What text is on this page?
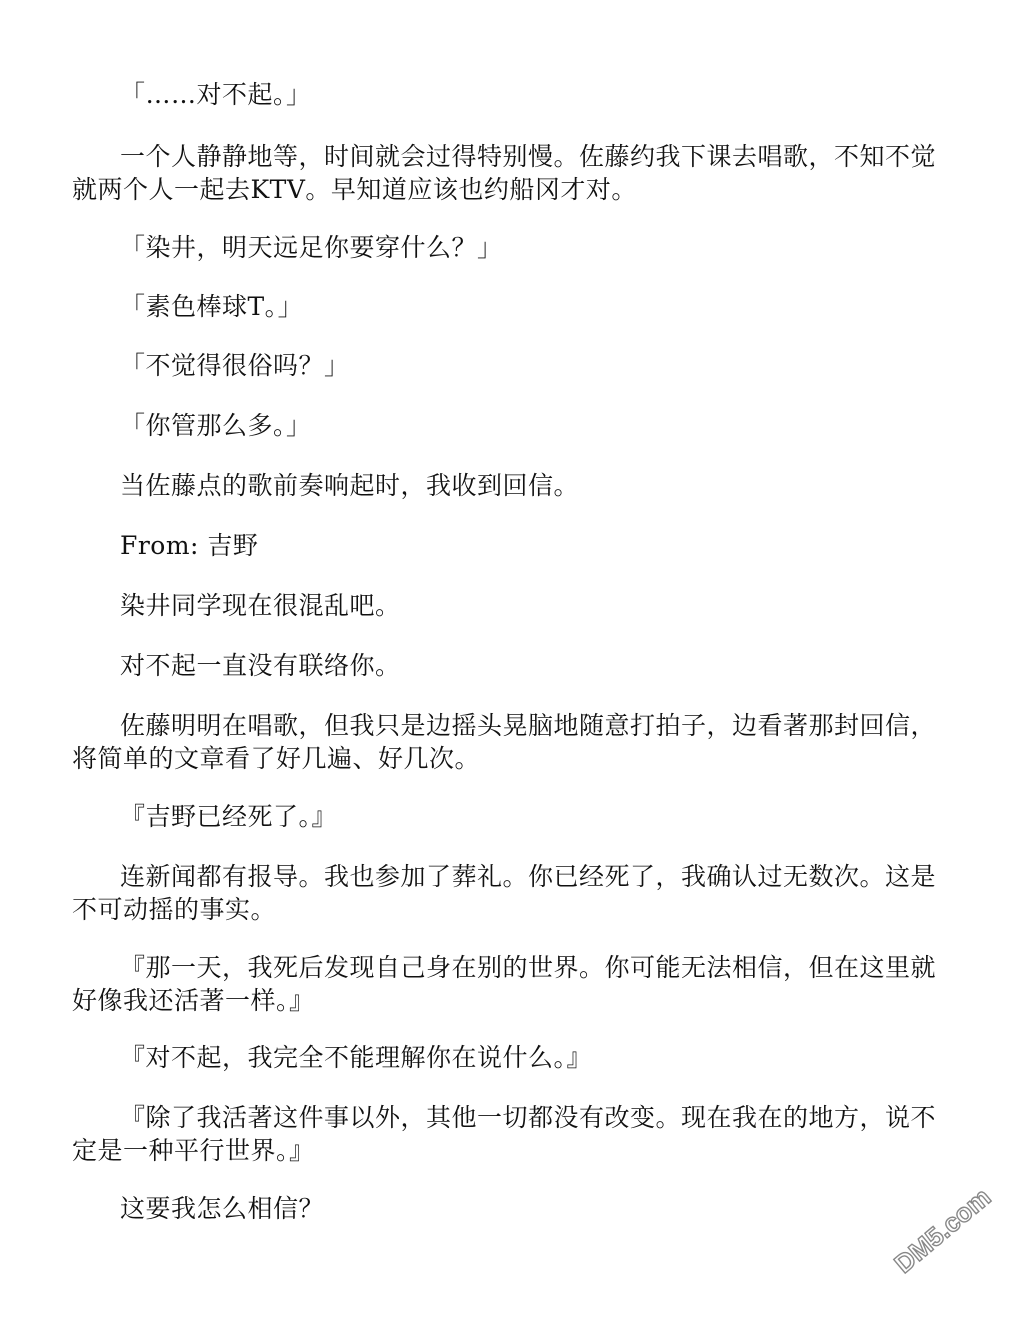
「……对不起。」

一个人静静地等，时间就会过得特别慢。佐藤约我下课去唱歌，不知不觉就两个人一起去KTV。早知道应该也约船冈才对。

「染井，明天远足你要穿什么？」

「素色棒球T。」

「不觉得很俗吗？」

「你管那么多。」

当佐藤点的歌前奏响起时，我收到回信。

From: 吉野

染井同学现在很混乱吧。

对不起一直没有联络你。

佐藤明明在唱歌，但我只是边摇头晃脑地随意打拍子，边看著那封回信，将简单的文章看了好几遍、好几次。

『吉野已经死了。』

连新闻都有报导。我也参加了葬礼。你已经死了，我确认过无数次。这是不可动摇的事实。

『那一天，我死后发现自己身在别的世界。你可能无法相信，但在这里就好像我还活著一样。』

『对不起，我完全不能理解你在说什么。』

『除了我活著这件事以外，其他一切都没有改变。现在我在的地方，说不定是一种平行世界。』

这要我怎么相信？	DM5.com
